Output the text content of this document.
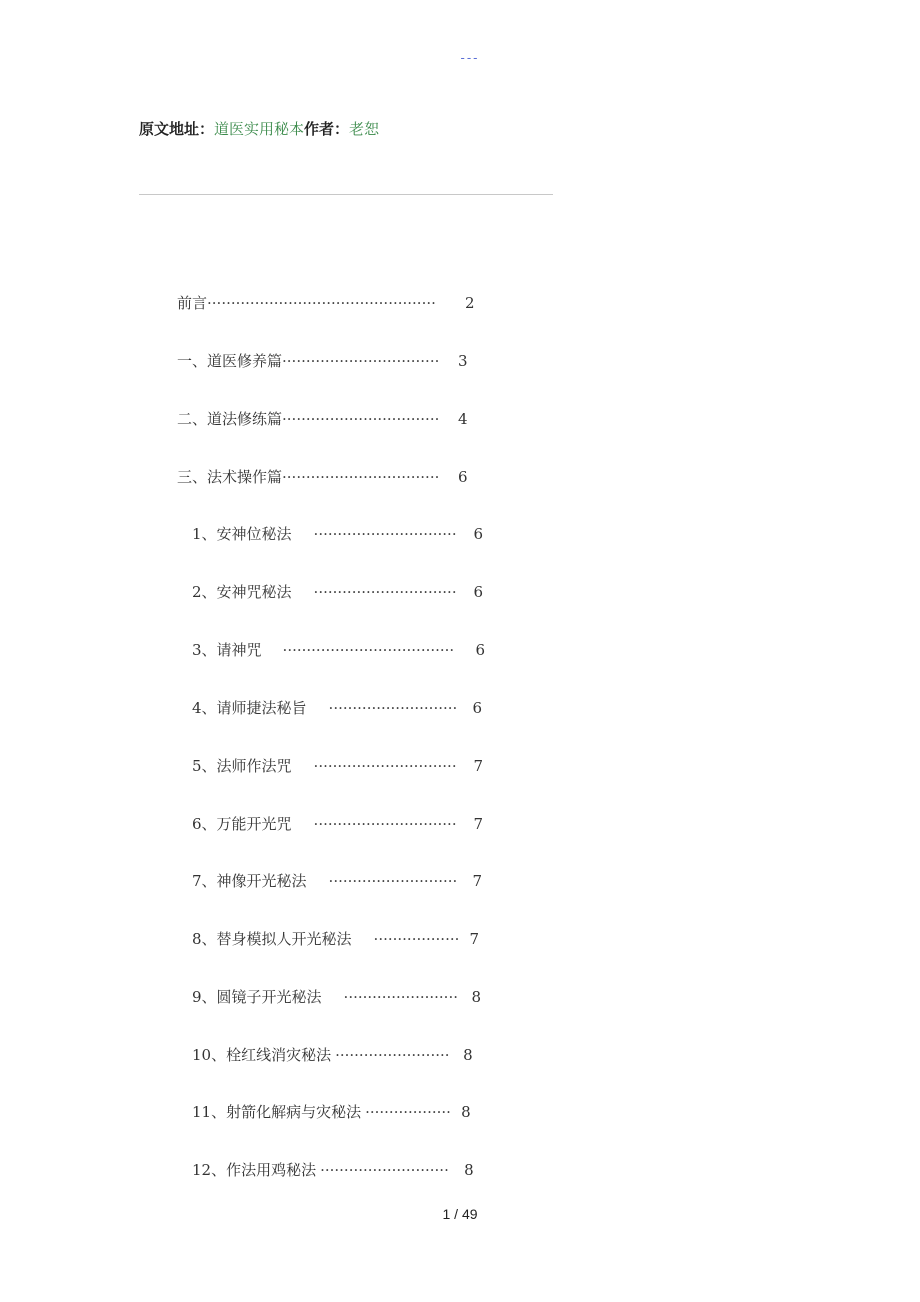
---
原文地址：道医实用秘本作者：老恕
前言················································ 2
一、道医修养篇································· 3
二、道法修练篇································· 4
三、法术操作篇································· 6
1、安神位秘法······························ 6
2、安神咒秘法······························ 6
3、请神咒···································· 6
4、请师捷法秘旨··························· 6
5、法师作法咒······························ 7
6、万能开光咒······························ 7
7、神像开光秘法··························· 7
8、替身模拟人开光秘法·················· 7
9、圆镜子开光秘法························ 8
10、栓红线消灾秘法························ 8
11、射箭化解病与灾秘法·················· 8
12、作法用鸡秘法··························· 8
1 / 49
